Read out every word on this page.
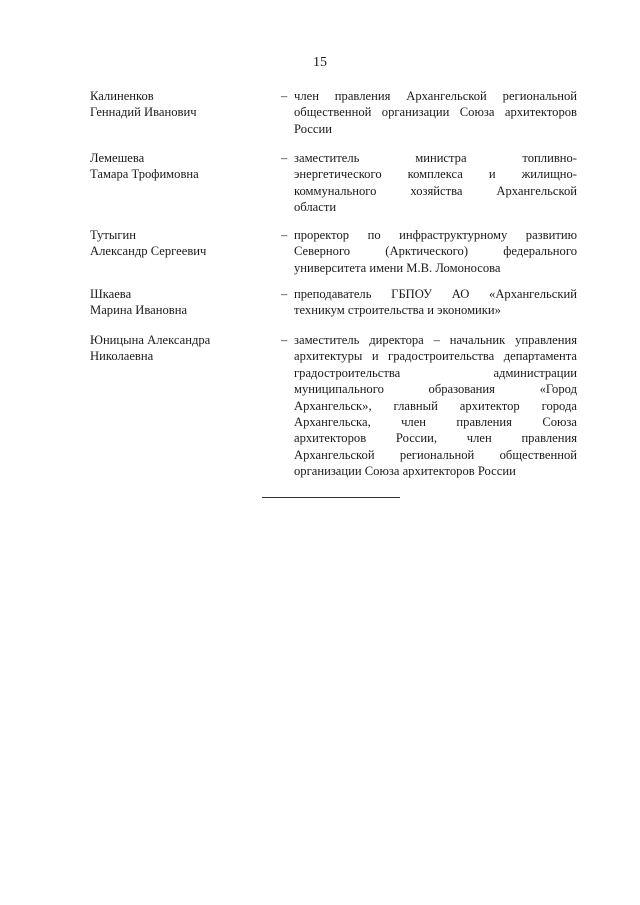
15
Калиненков
Геннадий Иванович
– член правления Архангельской региональной
общественной организации Союза архитекторов
России
Лемешева
Тамара Трофимовна
– заместитель министра топливно-
энергетического комплекса и жилищно-
коммунального хозяйства Архангельской
области
Тутыгин
Александр Сергеевич
– проректор по инфраструктурному развитию
Северного (Арктического) федерального
университета имени М.В. Ломоносова
Шкаева
Марина Ивановна
– преподаватель ГБПОУ АО «Архангельский
техникум строительства и экономики»
Юницына Александра
Николаевна
– заместитель директора – начальник управления
архитектуры и градостроительства департамента
градостроительства администрации
муниципального образования «Город
Архангельск», главный архитектор города
Архангельска, член правления Союза
архитекторов России, член правления
Архангельской региональной общественной
организации Союза архитекторов России
